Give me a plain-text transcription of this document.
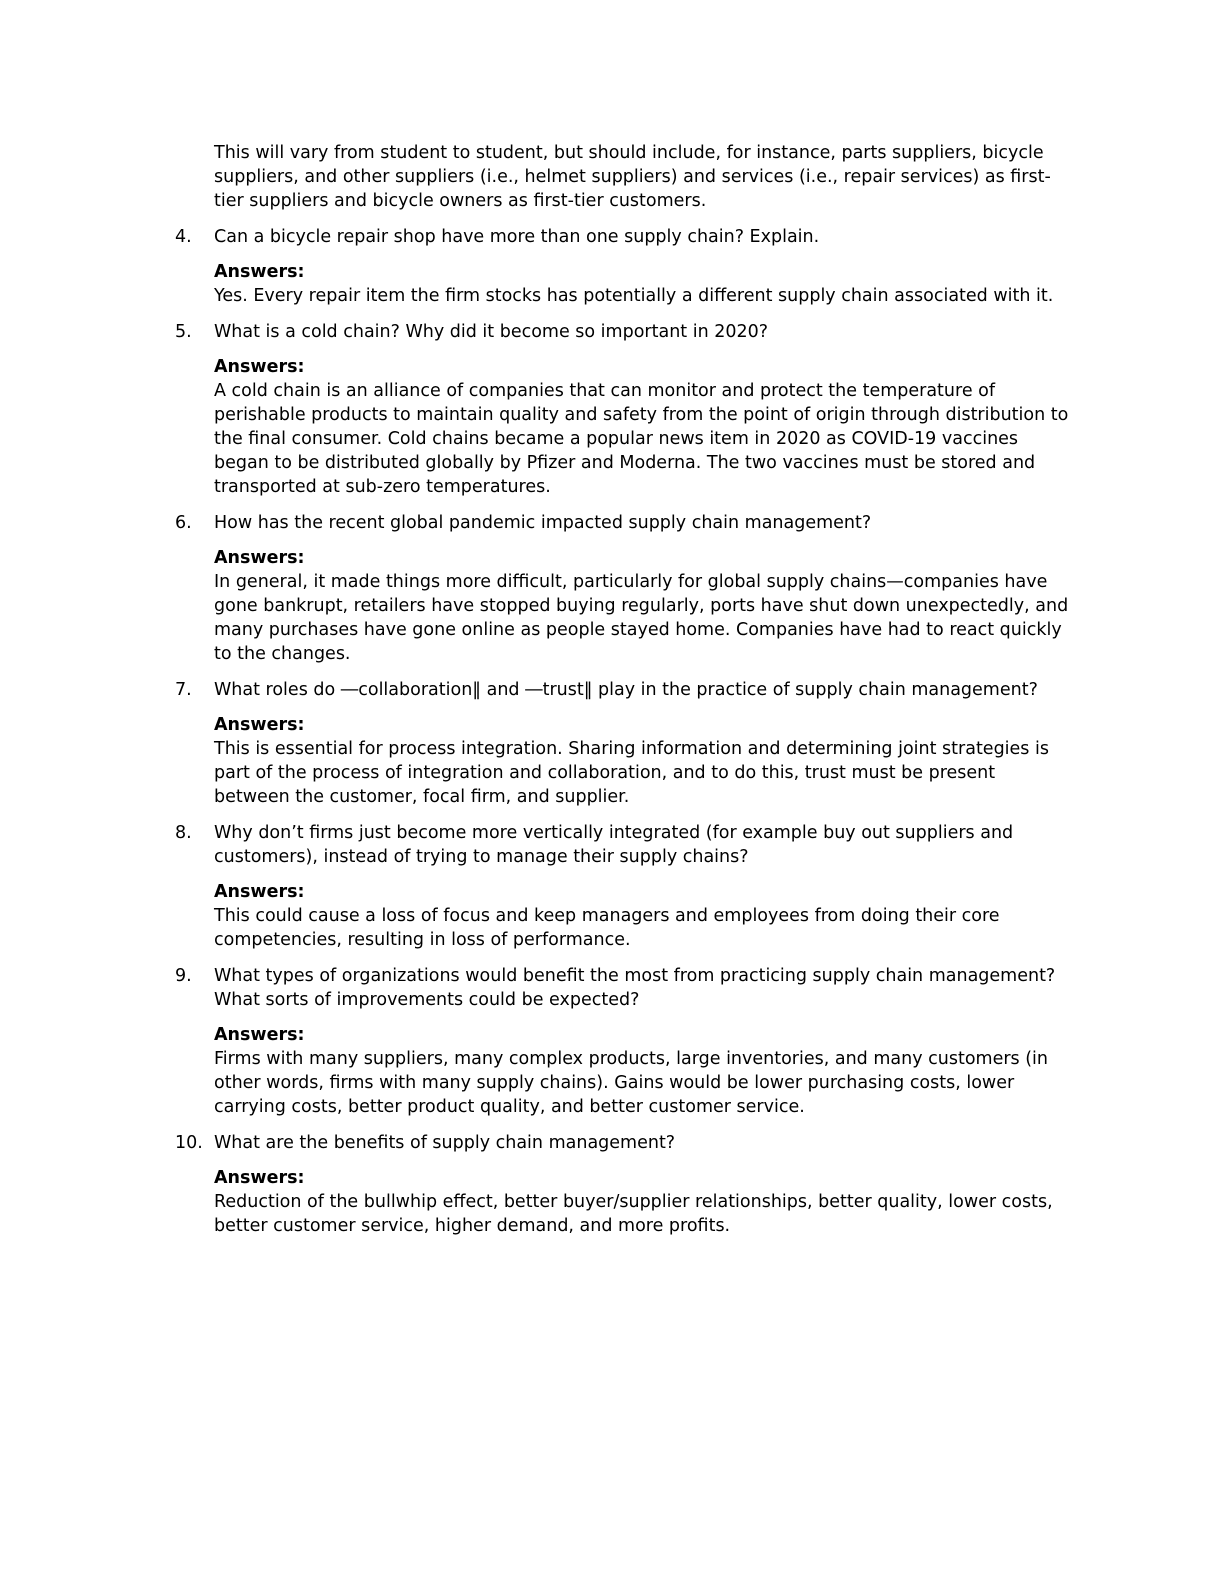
This will vary from student to student, but should include, for instance, parts suppliers, bicycle suppliers, and other suppliers (i.e., helmet suppliers) and services (i.e., repair services) as first-tier suppliers and bicycle owners as first-tier customers.
4. Can a bicycle repair shop have more than one supply chain? Explain.
Answers:
Yes. Every repair item the firm stocks has potentially a different supply chain associated with it.
5. What is a cold chain? Why did it become so important in 2020?
Answers:
A cold chain is an alliance of companies that can monitor and protect the temperature of perishable products to maintain quality and safety from the point of origin through distribution to the final consumer. Cold chains became a popular news item in 2020 as COVID-19 vaccines began to be distributed globally by Pfizer and Moderna. The two vaccines must be stored and transported at sub-zero temperatures.
6. How has the recent global pandemic impacted supply chain management?
Answers:
In general, it made things more difficult, particularly for global supply chains—companies have gone bankrupt, retailers have stopped buying regularly, ports have shut down unexpectedly, and many purchases have gone online as people stayed home. Companies have had to react quickly to the changes.
7. What roles do ―collaboration‖ and ―trust‖ play in the practice of supply chain management?
Answers:
This is essential for process integration. Sharing information and determining joint strategies is part of the process of integration and collaboration, and to do this, trust must be present between the customer, focal firm, and supplier.
8. Why don’t firms just become more vertically integrated (for example buy out suppliers and customers), instead of trying to manage their supply chains?
Answers:
This could cause a loss of focus and keep managers and employees from doing their core competencies, resulting in loss of performance.
9. What types of organizations would benefit the most from practicing supply chain management? What sorts of improvements could be expected?
Answers:
Firms with many suppliers, many complex products, large inventories, and many customers (in other words, firms with many supply chains). Gains would be lower purchasing costs, lower carrying costs, better product quality, and better customer service.
10. What are the benefits of supply chain management?
Answers:
Reduction of the bullwhip effect, better buyer/supplier relationships, better quality, lower costs, better customer service, higher demand, and more profits.
